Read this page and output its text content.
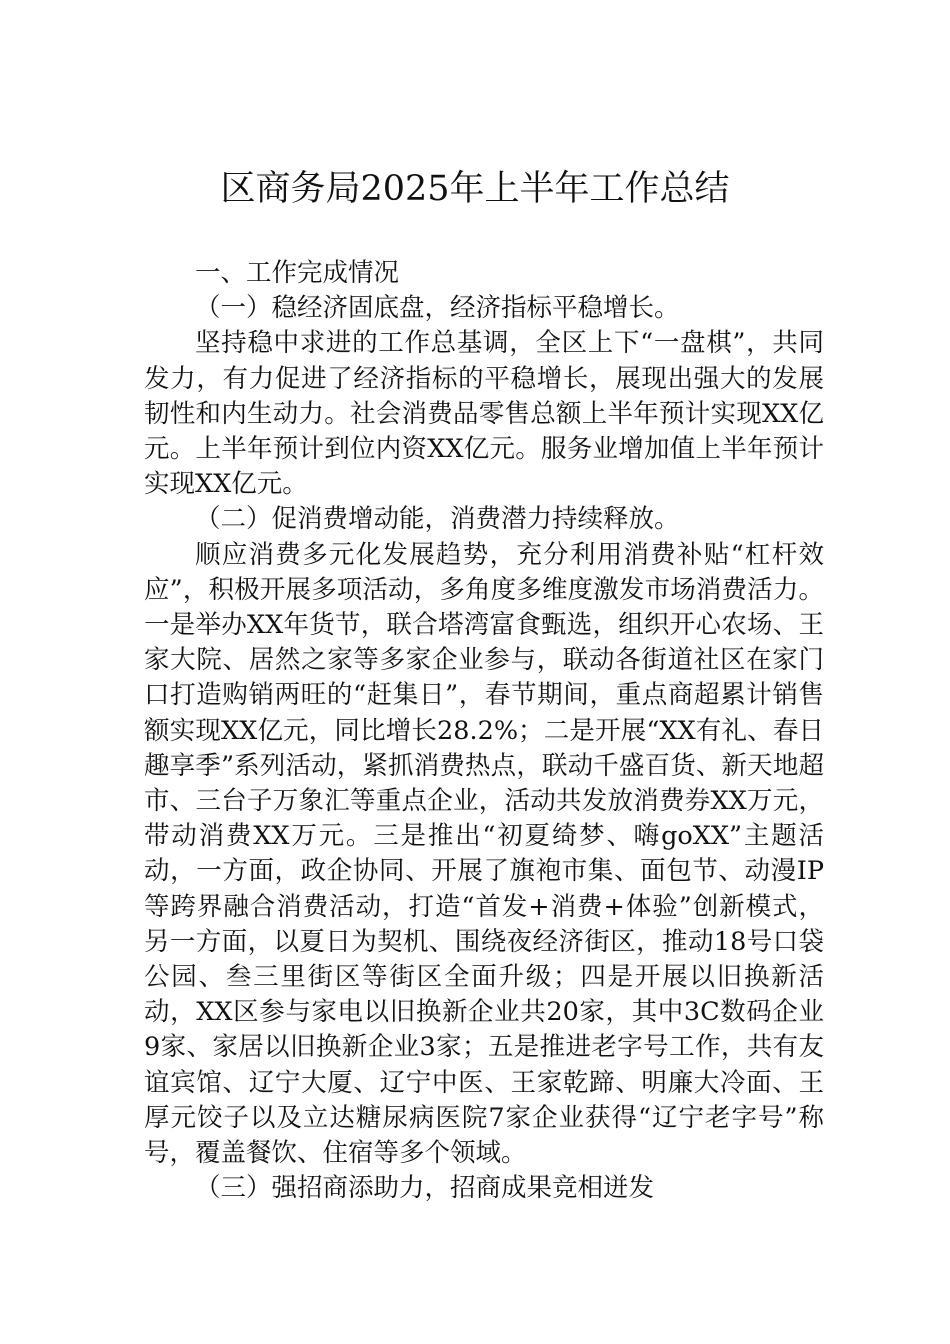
区商务局2025年上半年工作总结

一、工作完成情况

（一）稳经济固底盘，经济指标平稳增长。

坚持稳中求进的工作总基调，全区上下“一盘棋”，共同发力，有力促进了经济指标的平稳增长，展现出强大的发展韧性和内生动力。社会消费品零售总额上半年预计实现XX亿元。上半年预计到位内资XX亿元。服务业增加值上半年预计实现XX亿元。

（二）促消费增动能，消费潜力持续释放。

顺应消费多元化发展趋势，充分利用消费补贴“杠杆效应”，积极开展多项活动，多角度多维度激发市场消费活力。一是举办XX年货节，联合塔湾富食甄选，组织开心农场、王家大院、居然之家等多家企业参与，联动各街道社区在家门口打造购销两旺的“赶集日”，春节期间，重点商超累计销售额实现XX亿元，同比增长28.2%；二是开展“XX有礼、春日趣享季”系列活动，紧抓消费热点，联动千盛百货、新天地超市、三台子万象汇等重点企业，活动共发放消费券XX万元，带动消费XX万元。三是推出“初夏绮梦、嗨goXX”主题活动，一方面，政企协同、开展了旗袍市集、面包节、动漫IP等跨界融合消费活动，打造“首发+消费+体验”创新模式，另一方面，以夏日为契机、围绕夜经济街区，推动18号口袋公园、叁三里街区等街区全面升级；四是开展以旧换新活动，XX区参与家电以旧换新企业共20家，其中3C数码企业9家、家居以旧换新企业3家；五是推进老字号工作，共有友谊宾馆、辽宁大厦、辽宁中医、王家乾蹄、明廉大冷面、王厚元饺子以及立达糖尿病医院7家企业获得“辽宁老字号”称号，覆盖餐饮、住宿等多个领域。

（三）强招商添助力，招商成果竞相迸发
